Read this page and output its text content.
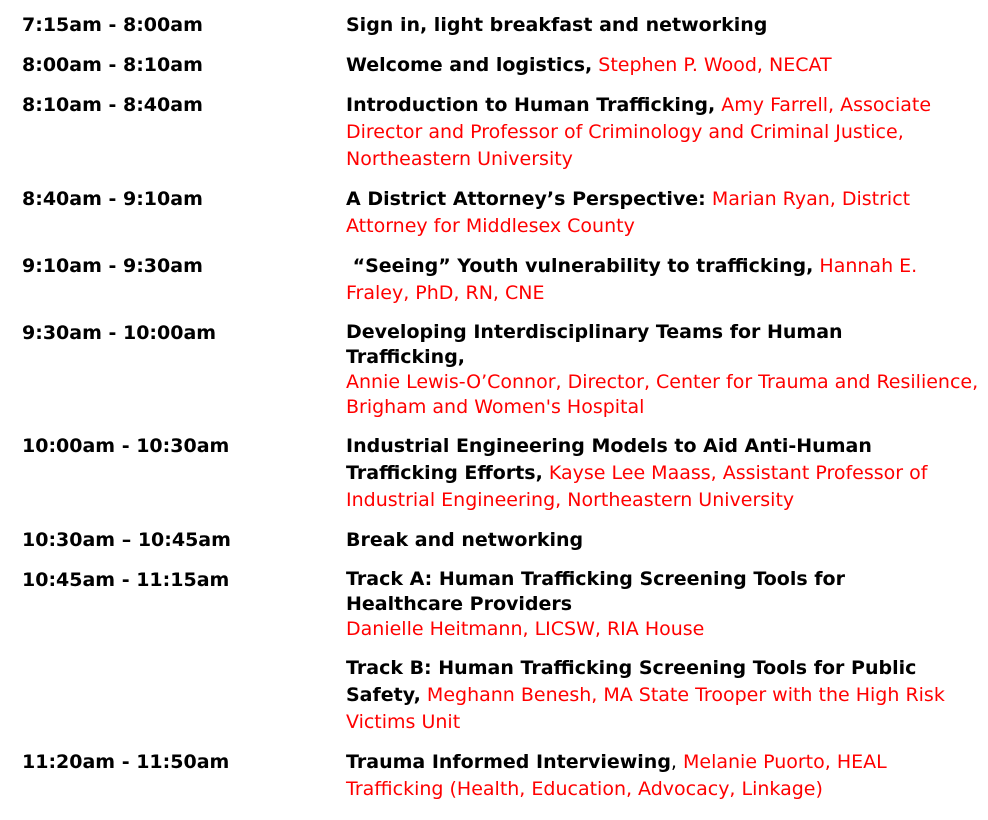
7:15am - 8:00am	Sign in, light breakfast and networking
8:00am - 8:10am	Welcome and logistics, Stephen P. Wood, NECAT
8:10am - 8:40am	Introduction to Human Trafficking, Amy Farrell, Associate Director and Professor of Criminology and Criminal Justice, Northeastern University
8:40am - 9:10am	A District Attorney’s Perspective: Marian Ryan, District Attorney for Middlesex County
9:10am - 9:30am	“Seeing” Youth vulnerability to trafficking, Hannah E. Fraley, PhD, RN, CNE
9:30am - 10:00am	Developing Interdisciplinary Teams for Human Trafficking,
Annie Lewis-O’Connor, Director, Center for Trauma and Resilience, Brigham and Women's Hospital
10:00am - 10:30am	Industrial Engineering Models to Aid Anti-Human Trafficking Efforts, Kayse Lee Maass, Assistant Professor of Industrial Engineering, Northeastern University
10:30am – 10:45am	Break and networking
10:45am - 11:15am	Track A: Human Trafficking Screening Tools for Healthcare Providers
Danielle Heitmann, LICSW, RIA House
Track B: Human Trafficking Screening Tools for Public Safety, Meghann Benesh, MA State Trooper with the High Risk Victims Unit
11:20am - 11:50am	Trauma Informed Interviewing, Melanie Puorto, HEAL Trafficking (Health, Education, Advocacy, Linkage)
